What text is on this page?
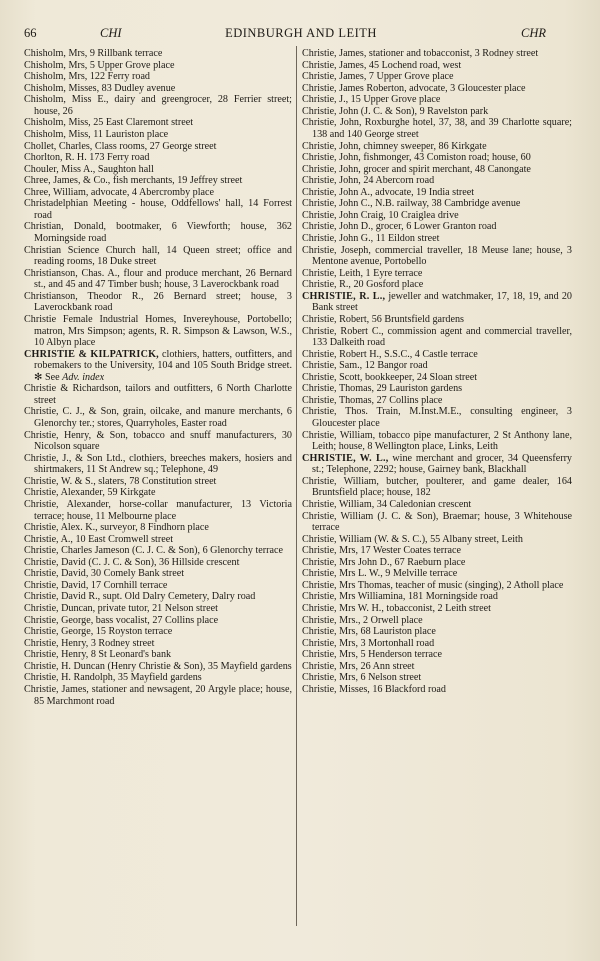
66	CHI	EDINBURGH AND LEITH	CHR
Chisholm, Mrs, 9 Rillbank terrace
Chisholm, Mrs, 5 Upper Grove place
Chisholm, Mrs, 122 Ferry road
Chisholm, Misses, 83 Dudley avenue
Chisholm, Miss E., dairy and greengrocer, 28 Ferrier street; house, 26
Chisholm, Miss, 25 East Claremont street
Chisholm, Miss, 11 Lauriston place
Chollet, Charles, Class rooms, 27 George street
Chorlton, R. H. 173 Ferry road
Chouler, Miss A., Saughton hall
Chree, James, & Co., fish merchants, 19 Jeffrey street
Chree, William, advocate, 4 Abercromby place
Christadelphian Meeting - house, Oddfellows' hall, 14 Forrest road
Christian, Donald, bootmaker, 6 Viewforth; house, 362 Morningside road
Christian Science Church hall, 14 Queen street; office and reading rooms, 18 Duke street
Christianson, Chas. A., flour and produce merchant, 26 Bernard st., and 45 and 47 Timber bush; house, 3 Laverockbank road
Christianson, Theodor R., 26 Bernard street; house, 3 Laverockbank road
Christie Female Industrial Homes, Invereyhouse, Portobello; matron, Mrs Simpson; agents, R. R. Simpson & Lawson, W.S., 10 Albyn place
CHRISTIE & KILPATRICK, clothiers, hatters, outfitters, and robemakers to the University, 104 and 105 South Bridge street. ✻ See Adv. index
Christie & Richardson, tailors and outfitters, 6 North Charlotte street
Christie, C. J., & Son, grain, oilcake, and manure merchants, 6 Glenorchy ter.; stores, Quarryholes, Easter road
Christie, Henry, & Son, tobacco and snuff manufacturers, 30 Nicolson square
Christie, J., & Son Ltd., clothiers, breeches makers, hosiers and shirtmakers, 11 St Andrew sq.; Telephone, 49
Christie, W. & S., slaters, 78 Constitution street
Christie, Alexander, 59 Kirkgate
Christie, Alexander, horse-collar manufacturer, 13 Victoria terrace; house, 11 Melbourne place
Christie, Alex. K., surveyor, 8 Findhorn place
Christie, A., 10 East Cromwell street
Christie, Charles Jameson (C. J. C. & Son), 6 Glenorchy terrace
Christie, David (C. J. C. & Son), 36 Hillside crescent
Christie, David, 30 Comely Bank street
Christie, David, 17 Cornhill terrace
Christie, David R., supt. Old Dalry Cemetery, Dalry road
Christie, Duncan, private tutor, 21 Nelson street
Christie, George, bass vocalist, 27 Collins place
Christie, George, 15 Royston terrace
Christie, Henry, 3 Rodney street
Christie, Henry, 8 St Leonard's bank
Christie, H. Duncan (Henry Christie & Son), 35 Mayfield gardens
Christie, H. Randolph, 35 Mayfield gardens
Christie, James, stationer and newsagent, 20 Argyle place; house, 85 Marchmont road
Christie, James, stationer and tobacconist, 3 Rodney street
Christie, James, 45 Lochend road, west
Christie, James, 7 Upper Grove place
Christie, James Roberton, advocate, 3 Gloucester place
Christie, J., 15 Upper Grove place
Christie, John (J. C. & Son), 9 Ravelston park
Christie, John, Roxburghe hotel, 37, 38, and 39 Charlotte square; 138 and 140 George street
Christie, John, chimney sweeper, 86 Kirkgate
Christie, John, fishmonger, 43 Comiston road; house, 60
Christie, John, grocer and spirit merchant, 48 Canongate
Christie, John, 24 Abercorn road
Christie, John A., advocate, 19 India street
Christie, John C., N.B. railway, 38 Cambridge avenue
Christie, John Craig, 10 Craiglea drive
Christie, John D., grocer, 6 Lower Granton road
Christie, John G., 11 Eildon street
Christie, Joseph, commercial traveller, 18 Meuse lane; house, 3 Mentone avenue, Portobello
Christie, Leith, 1 Eyre terrace
Christie, R., 20 Gosford place
CHRISTIE, R. L., jeweller and watchmaker, 17, 18, 19, and 20 Bank street
Christie, Robert, 56 Bruntsfield gardens
Christie, Robert C., commission agent and commercial traveller, 133 Dalkeith road
Christie, Robert H., S.S.C., 4 Castle terrace
Christie, Sam., 12 Bangor road
Christie, Scott, bookkeeper, 24 Sloan street
Christie, Thomas, 29 Lauriston gardens
Christie, Thomas, 27 Collins place
Christie, Thos. Train, M.Inst.M.E., consulting engineer, 3 Gloucester place
Christie, William, tobacco pipe manufacturer, 2 St Anthony lane, Leith; house, 8 Wellington place, Links, Leith
CHRISTIE, W. L., wine merchant and grocer, 34 Queensferry st.; Telephone, 2292; house, Gairney bank, Blackhall
Christie, William, butcher, poulterer, and game dealer, 164 Bruntsfield place; house, 182
Christie, William, 34 Caledonian crescent
Christie, William (J. C. & Son), Braemar; house, 3 Whitehouse terrace
Christie, William (W. & S. C.), 55 Albany street, Leith
Christie, Mrs, 17 Wester Coates terrace
Christie, Mrs John D., 67 Raeburn place
Christie, Mrs L. W., 9 Melville terrace
Christie, Mrs Thomas, teacher of music (singing), 2 Atholl place
Christie, Mrs Williamina, 181 Morningside road
Christie, Mrs W. H., tobacconist, 2 Leith street
Christie, Mrs., 2 Orwell place
Christie, Mrs, 68 Lauriston place
Christie, Mrs, 3 Mortonhall road
Christie, Mrs, 5 Henderson terrace
Christie, Mrs, 26 Ann street
Christie, Mrs, 6 Nelson street
Christie, Misses, 16 Blackford road
